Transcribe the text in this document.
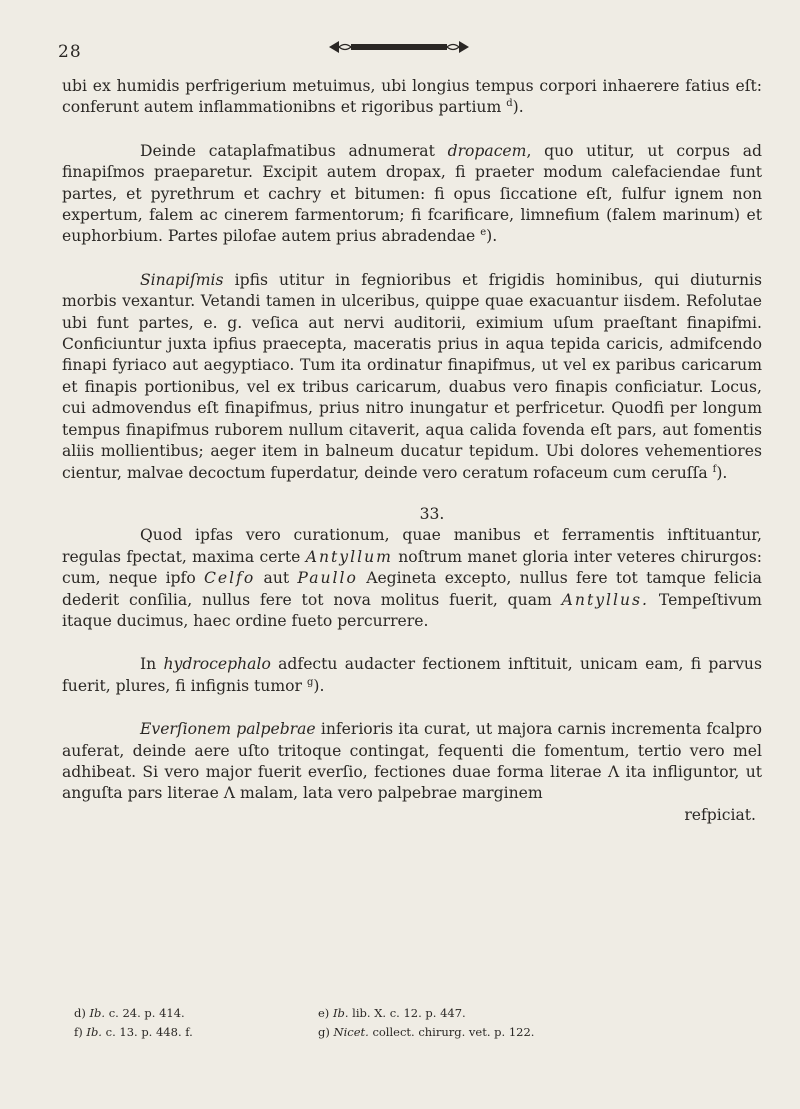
28

ubi ex humidis perfrigerium metuimus, ubi longius tempus corpori inhaerere fatius eſt: conferunt autem inflammationibns et rigoribus partium $^d$).

Deinde cataplafmatibus adnumerat dropacem, quo utitur, ut corpus ad finapiſmos praeparetur. Excipit autem dropax, fi praeter modum calefaciendae funt partes, et pyrethrum et cachry et bitumen: fi opus ſiccatione eſt, fulfur ignem non expertum, falem ac cinerem farmentorum; fi fcarificare, limnefium (falem marinum) et euphorbium. Partes pilofae autem prius abradendae $^e$).

Sinapiſmis ipfis utitur in fegnioribus et frigidis hominibus, qui diuturnis morbis vexantur. Vetandi tamen in ulceribus, quippe quae exacuantur iisdem. Refolutae ubi funt partes, e. g. veſica aut nervi auditorii, eximium uſum praeſtant finapifmi. Conficiuntur juxta ipfius praecepta, maceratis prius in aqua tepida caricis, admifcendo finapi fyriaco aut aegyptiaco. Tum ita ordinatur finapifmus, ut vel ex paribus caricarum et finapis portionibus, vel ex tribus caricarum, duabus vero finapis conficiatur. Locus, cui admovendus eſt finapifmus, prius nitro inungatur et perfricetur. Quodfi per longum tempus finapifmus ruborem nullum citaverit, aqua calida fovenda eſt pars, aut fomentis aliis mollientibus; aeger item in balneum ducatur tepidum. Ubi dolores vehementiores cientur, malvae decoctum fuperdatur, deinde vero ceratum rofaceum cum ceruſſa $^f$).

33.

Quod ipfas vero curationum, quae manibus et ferramentis inftituantur, regulas fpectat, maxima certe Antyllum noſtrum manet gloria inter veteres chirurgos: cum, neque ipfo Celfo aut Paullo Aegineta excepto, nullus fere tot tamque felicia dederit conſilia, nullus fere tot nova molitus fuerit, quam Antyllus. Tempeſtivum itaque ducimus, haec ordine fueto percurrere.

In hydrocephalo adfectu audacter fectionem inftituit, unicam eam, fi parvus fuerit, plures, fi infignis tumor $^g$).

Everſionem palpebrae inferioris ita curat, ut majora carnis incrementa fcalpro auferat, deinde aere uſto tritoque contingat, fequenti die fomentum, tertio vero mel adhibeat. Si vero major fuerit everſio, fectiones duae forma literae Λ ita infliguntor, ut anguſta pars literae Λ malam, lata vero palpebrae marginem

refpiciat.

d) Ib. c. 24. p. 414.	e) Ib. lib. X. c. 12. p. 447.
f) Ib. c. 13. p. 448. f.	g) Nicet. collect. chirurg. vet. p. 122.
